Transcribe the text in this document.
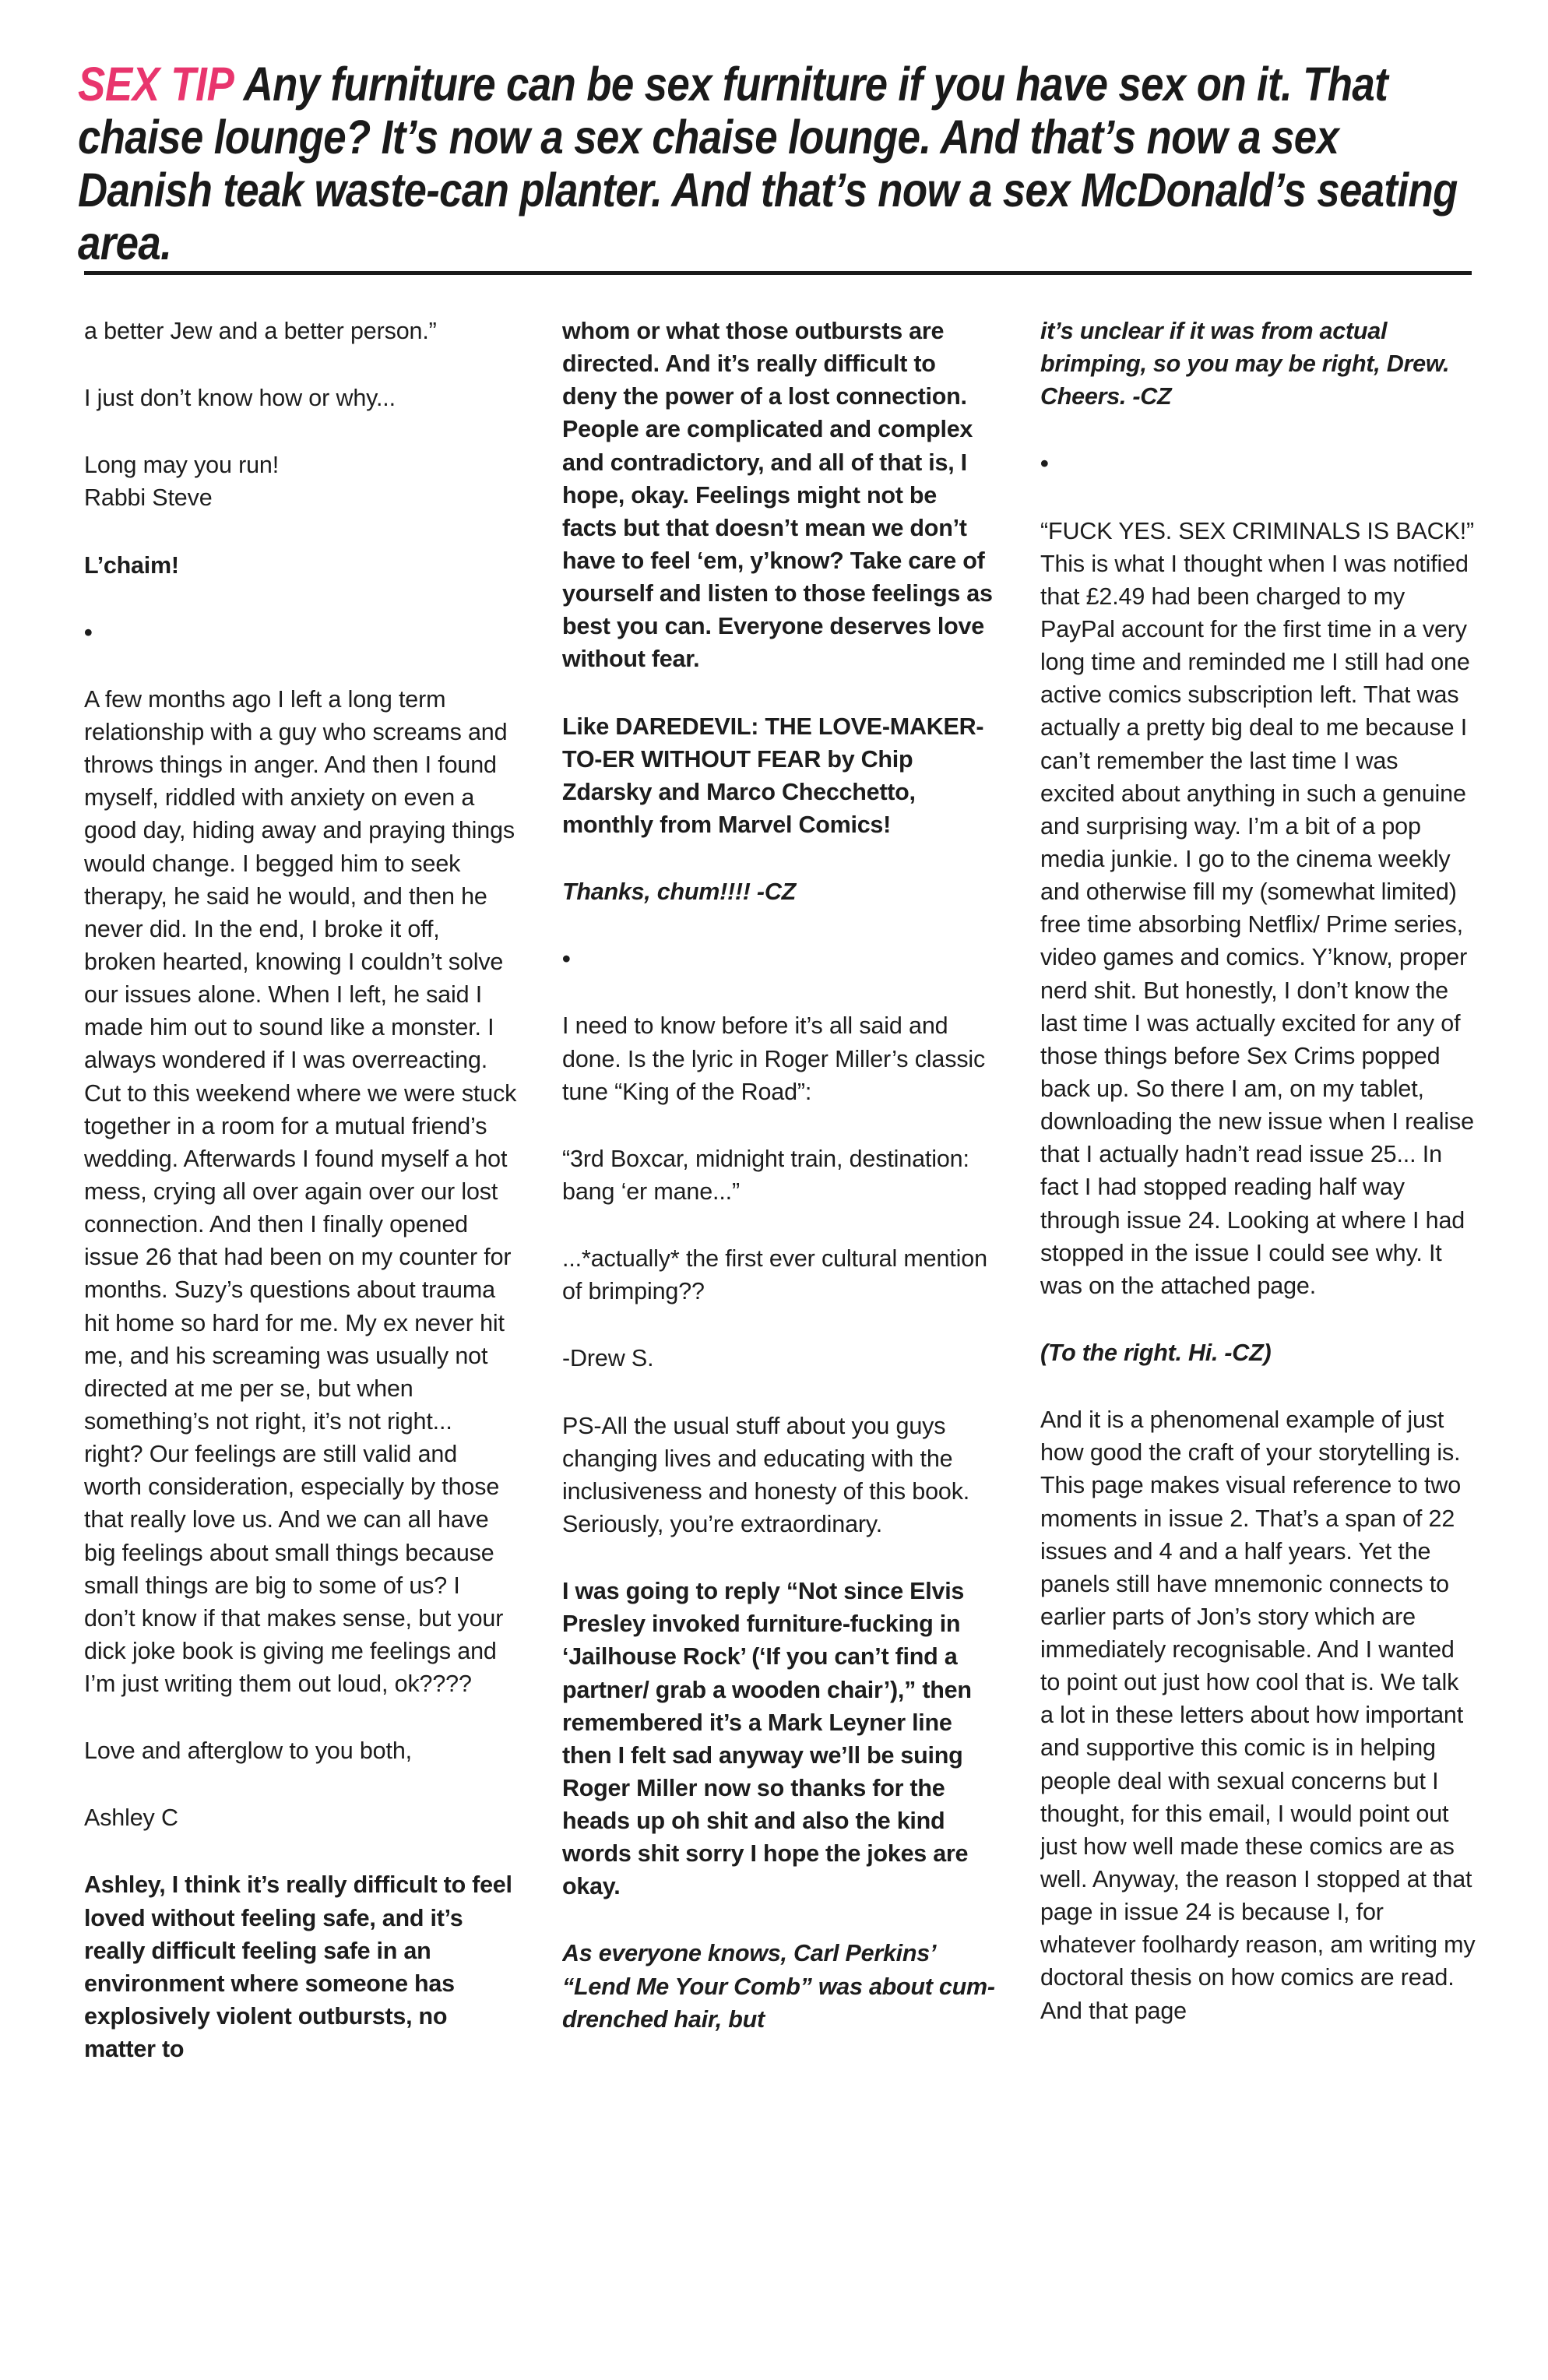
SEX TIP Any furniture can be sex furniture if you have sex on it. That chaise lounge? It’s now a sex chaise lounge. And that’s now a sex Danish teak waste-can planter. And that’s now a sex McDonald’s seating area.

a better Jew and a better person.”

I just don’t know how or why...

Long may you run!
Rabbi Steve

L’chaim!

•

A few months ago I left a long term relationship with a guy who screams and throws things in anger. And then I found myself, riddled with anxiety on even a good day, hiding away and praying things would change. I begged him to seek therapy, he said he would, and then he never did. In the end, I broke it off, broken hearted, knowing I couldn’t solve our issues alone. When I left, he said I made him out to sound like a monster. I always wondered if I was overreacting. Cut to this weekend where we were stuck together in a room for a mutual friend’s wedding. Afterwards I found myself a hot mess, crying all over again over our lost connection. And then I finally opened issue 26 that had been on my counter for months. Suzy’s questions about trauma hit home so hard for me. My ex never hit me, and his screaming was usually not directed at me per se, but when something’s not right, it’s not right... right? Our feelings are still valid and worth consideration, especially by those that really love us. And we can all have big feelings about small things because small things are big to some of us? I don’t know if that makes sense, but your dick joke book is giving me feelings and I’m just writing them out loud, ok????

Love and afterglow to you both,

Ashley C

Ashley, I think it’s really difficult to feel loved without feeling safe, and it’s really difficult feeling safe in an environment where someone has explosively violent outbursts, no matter to

whom or what those outbursts are directed. And it’s really difficult to deny the power of a lost connection. People are complicated and complex and contradictory, and all of that is, I hope, okay. Feelings might not be facts but that doesn’t mean we don’t have to feel ‘em, y’know? Take care of yourself and listen to those feelings as best you can. Everyone deserves love without fear.

Like DAREDEVIL: THE LOVE-MAKER-TO-ER WITHOUT FEAR by Chip Zdarsky and Marco Checchetto, monthly from Marvel Comics!

Thanks, chum!!!! -CZ

•

I need to know before it’s all said and done. Is the lyric in Roger Miller’s classic tune “King of the Road”:

“3rd Boxcar, midnight train, destination: bang ‘er mane...”

...*actually* the first ever cultural mention of brimping??

-Drew S.

PS-All the usual stuff about you guys changing lives and educating with the inclusiveness and honesty of this book. Seriously, you’re extraordinary.

I was going to reply “Not since Elvis Presley invoked furniture-fucking in ‘Jailhouse Rock’ (‘If you can’t find a partner/ grab a wooden chair’),” then remembered it’s a Mark Leyner line then I felt sad anyway we’ll be suing Roger Miller now so thanks for the heads up oh shit and also the kind words shit sorry I hope the jokes are okay.

As everyone knows, Carl Perkins’ “Lend Me Your Comb” was about cum-drenched hair, but

it’s unclear if it was from actual brimping, so you may be right, Drew. Cheers. -CZ

•

“FUCK YES. SEX CRIMINALS IS BACK!” This is what I thought when I was notified that £2.49 had been charged to my PayPal account for the first time in a very long time and reminded me I still had one active comics subscription left. That was actually a pretty big deal to me because I can’t remember the last time I was excited about anything in such a genuine and surprising way. I’m a bit of a pop media junkie. I go to the cinema weekly and otherwise fill my (somewhat limited) free time absorbing Netflix/ Prime series, video games and comics. Y’know, proper nerd shit. But honestly, I don’t know the last time I was actually excited for any of those things before Sex Crims popped back up. So there I am, on my tablet, downloading the new issue when I realise that I actually hadn’t read issue 25... In fact I had stopped reading half way through issue 24. Looking at where I had stopped in the issue I could see why. It was on the attached page.

(To the right. Hi. -CZ)

And it is a phenomenal example of just how good the craft of your storytelling is. This page makes visual reference to two moments in issue 2. That’s a span of 22 issues and 4 and a half years. Yet the panels still have mnemonic connects to earlier parts of Jon’s story which are immediately recognisable. And I wanted to point out just how cool that is. We talk a lot in these letters about how important and supportive this comic is in helping people deal with sexual concerns but I thought, for this email, I would point out just how well made these comics are as well. Anyway, the reason I stopped at that page in issue 24 is because I, for whatever foolhardy reason, am writing my doctoral thesis on how comics are read. And that page
